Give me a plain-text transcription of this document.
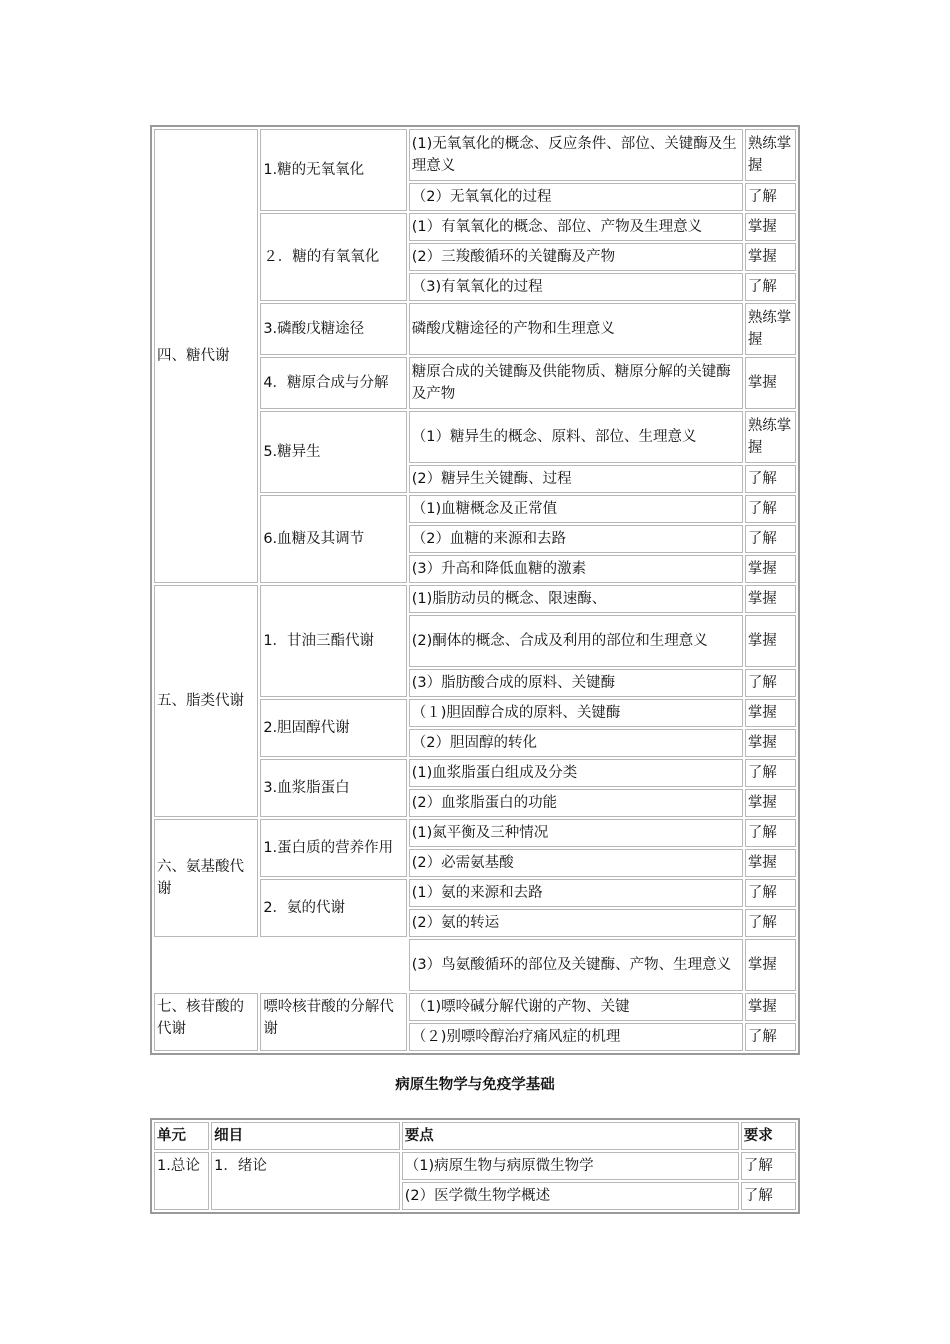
四、糖代谢	1.糖的无氧氧化	(1)无氧氧化的概念、反应条件、部位、关键酶及生理意义	熟练掌握
		（2）无氧氧化的过程	了解
	２．糖的有氧氧化	(1）有氧氧化的概念、部位、产物及生理意义	掌握
		(2）三羧酸循环的关键酶及产物	掌握
		（3)有氧氧化的过程	了解
	3.磷酸戊糖途径	磷酸戊糖途径的产物和生理意义	熟练掌握
	4．糖原合成与分解	糖原合成的关键酶及供能物质、糖原分解的关键酶及产物	掌握
	5.糖异生	（1）糖异生的概念、原料、部位、生理意义	熟练掌握
		(2）糖异生关键酶、过程	了解
	6.血糖及其调节	（1)血糖概念及正常值	了解
		（2）血糖的来源和去路	了解
		(3）升高和降低血糖的激素	掌握
五、脂类代谢	1．甘油三酯代谢	(1)脂肪动员的概念、限速酶、	掌握
		(2)酮体的概念、合成及利用的部位和生理意义	掌握
		(3）脂肪酸合成的原料、关键酶	了解
	2.胆固醇代谢	（１)胆固醇合成的原料、关键酶	掌握
		（2）胆固醇的转化	掌握
	3.血浆脂蛋白	(1)血浆脂蛋白组成及分类	了解
		(2）血浆脂蛋白的功能	掌握
六、氨基酸代谢	1.蛋白质的营养作用	(1)氮平衡及三种情况	了解
		(2）必需氨基酸	掌握
	2．氨的代谢	(1）氨的来源和去路	了解
		(2）氨的转运	了解
		(3）鸟氨酸循环的部位及关键酶、产物、生理意义	掌握
七、核苷酸的代谢	嘌呤核苷酸的分解代谢	（1)嘌呤碱分解代谢的产物、关键	掌握
		（２)别嘌呤醇治疗痛风症的机理	了解
病原生物学与免疫学基础
单元	细目	要点	要求
1.总论	1．绪论	（1)病原生物与病原微生物学	了解
		(2）医学微生物学概述	了解
